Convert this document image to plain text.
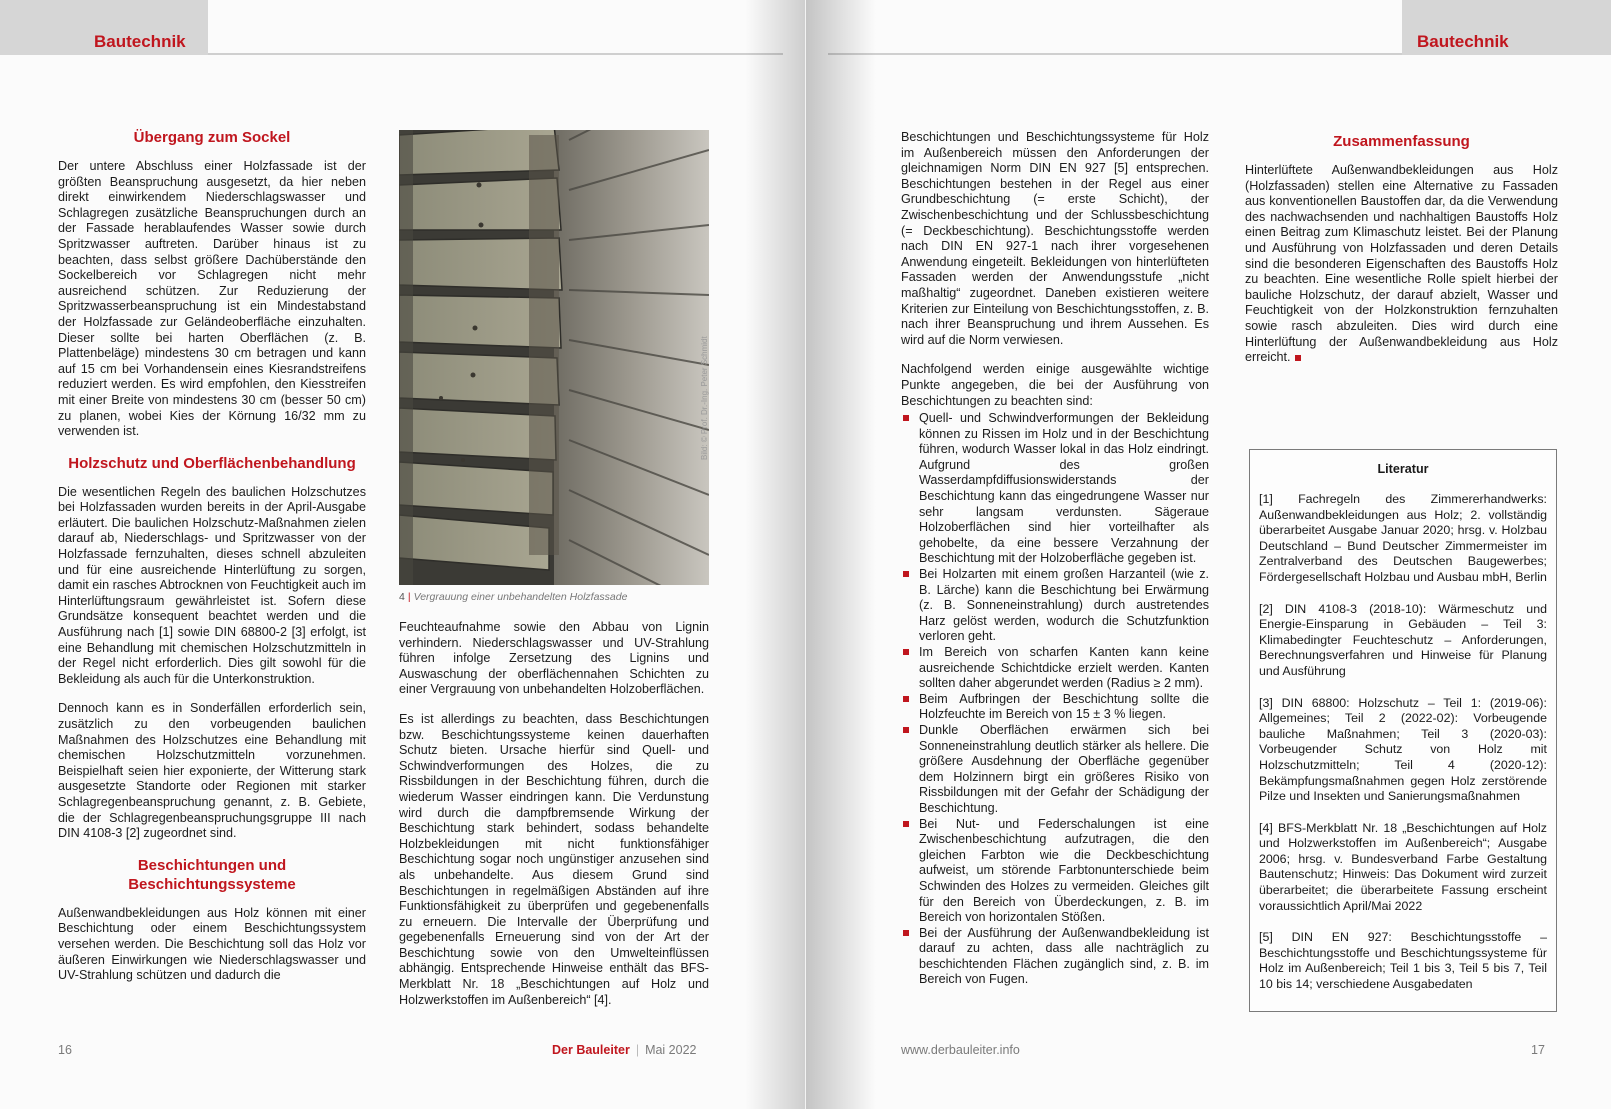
Bautechnik
Übergang zum Sockel

Der untere Abschluss einer Holzfassade ist der größten Beanspruchung ausgesetzt, da hier neben direkt einwirkendem Niederschlagswasser und Schlagregen zusätzliche Beanspruchungen durch an der Fassade herablaufendes Wasser sowie durch Spritzwasser auftreten. Darüber hinaus ist zu beachten, dass selbst größere Dachüberstände den Sockelbereich vor Schlagregen nicht mehr ausreichend schützen. Zur Reduzierung der Spritzwasserbeanspruchung ist ein Mindestabstand der Holzfassade zur Geländeoberfläche einzuhalten. Dieser sollte bei harten Oberflächen (z. B. Plattenbeläge) mindestens 30 cm betragen und kann auf 15 cm bei Vorhandensein eines Kiesrandstreifens reduziert werden. Es wird empfohlen, den Kiesstreifen mit einer Breite von mindestens 30 cm (besser 50 cm) zu planen, wobei Kies der Körnung 16/32 mm zu verwenden ist.

Holzschutz und Oberflächenbehandlung

Die wesentlichen Regeln des baulichen Holzschutzes bei Holzfassaden wurden bereits in der April-Ausgabe erläutert. Die baulichen Holzschutz-Maßnahmen zielen darauf ab, Niederschlags- und Spritzwasser von der Holzfassade fernzuhalten, dieses schnell abzuleiten und für eine ausreichende Hinterlüftung zu sorgen, damit ein rasches Abtrocknen von Feuchtigkeit auch im Hinterlüftungsraum gewährleistet ist. Sofern diese Grundsätze konsequent beachtet werden und die Ausführung nach [1] sowie DIN 68800-2 [3] erfolgt, ist eine Behandlung mit chemischen Holzschutzmitteln in der Regel nicht erforderlich. Dies gilt sowohl für die Bekleidung als auch für die Unterkonstruktion.

Dennoch kann es in Sonderfällen erforderlich sein, zusätzlich zu den vorbeugenden baulichen Maßnahmen des Holzschutzes eine Behandlung mit chemischen Holzschutzmitteln vorzunehmen. Beispielhaft seien hier exponierte, der Witterung stark ausgesetzte Standorte oder Regionen mit starker Schlagregenbeanspruchung genannt, z. B. Gebiete, die der Schlagregenbeanspruchungsgruppe III nach DIN 4108-3 [2] zugeordnet sind.

Beschichtungen und
Beschichtungssysteme

Außenwandbekleidungen aus Holz können mit einer Beschichtung oder einem Beschichtungssystem versehen werden. Die Beschichtung soll das Holz vor äußeren Einwirkungen wie Niederschlagswasser und UV-Strahlung schützen und dadurch die

Bild: © Prof. Dr.-Ing. Peter Schmidt
4 | Vergrauung einer unbehandelten Holzfassade

Feuchteaufnahme sowie den Abbau von Lignin verhindern. Niederschlagswasser und UV-Strahlung führen infolge Zersetzung des Lignins und Auswaschung der oberflächennahen Schichten zu einer Vergrauung von unbehandelten Holzoberflächen.

Es ist allerdings zu beachten, dass Beschichtungen bzw. Beschichtungssysteme keinen dauerhaften Schutz bieten. Ursache hierfür sind Quell- und Schwindverformungen des Holzes, die zu Rissbildungen in der Beschichtung führen, durch die wiederum Wasser eindringen kann. Die Verdunstung wird durch die dampfbremsende Wirkung der Beschichtung stark behindert, sodass behandelte Holzbekleidungen mit nicht funktionsfähiger Beschichtung sogar noch ungünstiger anzusehen sind als unbehandelte. Aus diesem Grund sind Beschichtungen in regelmäßigen Abständen auf ihre Funktionsfähigkeit zu überprüfen und gegebenenfalls zu erneuern. Die Intervalle der Überprüfung und gegebenenfalls Erneuerung sind von der Art der Beschichtung sowie von den Umwelteinflüssen abhängig. Entsprechende Hinweise enthält das BFS-Merkblatt Nr. 18 „Beschichtungen auf Holz und Holzwerkstoffen im Außenbereich“ [4].

16	Der Bauleiter | Mai 2022
Bautechnik

Beschichtungen und Beschichtungssysteme für Holz im Außenbereich müssen den Anforderungen der gleichnamigen Norm DIN EN 927 [5] entsprechen. Beschichtungen bestehen in der Regel aus einer Grundbeschichtung (= erste Schicht), der Zwischenbeschichtung und der Schlussbeschichtung (= Deckbeschichtung). Beschichtungsstoffe werden nach DIN EN 927-1 nach ihrer vorgesehenen Anwendung eingeteilt. Bekleidungen von hinterlüfteten Fassaden werden der Anwendungsstufe „nicht maßhaltig“ zugeordnet. Daneben existieren weitere Kriterien zur Einteilung von Beschichtungsstoffen, z. B. nach ihrer Beanspruchung und ihrem Aussehen. Es wird auf die Norm verwiesen.

Nachfolgend werden einige ausgewählte wichtige Punkte angegeben, die bei der Ausführung von Beschichtungen zu beachten sind:

Quell- und Schwindverformungen der Bekleidung können zu Rissen im Holz und in der Beschichtung führen, wodurch Wasser lokal in das Holz eindringt. Aufgrund des großen Wasserdampfdiffusionswiderstands der Beschichtung kann das eingedrungene Wasser nur sehr langsam verdunsten. Sägeraue Holzoberflächen sind hier vorteilhafter als gehobelte, da eine bessere Verzahnung der Beschichtung mit der Holzoberfläche gegeben ist.
Bei Holzarten mit einem großen Harzanteil (wie z. B. Lärche) kann die Beschichtung bei Erwärmung (z. B. Sonneneinstrahlung) durch austretendes Harz gelöst werden, wodurch die Schutzfunktion verloren geht.
Im Bereich von scharfen Kanten kann keine ausreichende Schichtdicke erzielt werden. Kanten sollten daher abgerundet werden (Radius ≥ 2 mm).
Beim Aufbringen der Beschichtung sollte die Holzfeuchte im Bereich von 15 ± 3 % liegen.
Dunkle Oberflächen erwärmen sich bei Sonneneinstrahlung deutlich stärker als hellere. Die größere Ausdehnung der Oberfläche gegenüber dem Holzinnern birgt ein größeres Risiko von Rissbildungen mit der Gefahr der Schädigung der Beschichtung.
Bei Nut- und Federschalungen ist eine Zwischenbeschichtung aufzutragen, die den gleichen Farbton wie die Deckbeschichtung aufweist, um störende Farbtonunterschiede beim Schwinden des Holzes zu vermeiden. Gleiches gilt für den Bereich von Überdeckungen, z. B. im Bereich von horizontalen Stößen.
Bei der Ausführung der Außenwandbekleidung ist darauf zu achten, dass alle nachträglich zu beschichtenden Flächen zugänglich sind, z. B. im Bereich von Fugen.
Zusammenfassung

Hinterlüftete Außenwandbekleidungen aus Holz (Holzfassaden) stellen eine Alternative zu Fassaden aus konventionellen Baustoffen dar, da die Verwendung des nachwachsenden und nachhaltigen Baustoffs Holz einen Beitrag zum Klimaschutz leistet. Bei der Planung und Ausführung von Holzfassaden und deren Details sind die besonderen Eigenschaften des Baustoffs Holz zu beachten. Eine wesentliche Rolle spielt hierbei der bauliche Holzschutz, der darauf abzielt, Wasser und Feuchtigkeit von der Holzkonstruktion fernzuhalten sowie rasch abzuleiten. Dies wird durch eine Hinterlüftung der Außenwandbekleidung aus Holz erreicht.

www.derbauleiter.info	17
Literatur
[1] Fachregeln des Zimmererhandwerks: Außenwandbekleidungen aus Holz; 2. vollständig überarbeitet Ausgabe Januar 2020; hrsg. v. Holzbau Deutschland – Bund Deutscher Zimmermeister im Zentralverband des Deutschen Baugewerbes; Fördergesellschaft Holzbau und Ausbau mbH, Berlin
[2] DIN 4108-3 (2018-10): Wärmeschutz und Energie-Einsparung in Gebäuden – Teil 3: Klimabedingter Feuchteschutz – Anforderungen, Berechnungsverfahren und Hinweise für Planung und Ausführung
[3] DIN 68800: Holzschutz – Teil 1: (2019-06): Allgemeines; Teil 2 (2022-02): Vorbeugende bauliche Maßnahmen; Teil 3 (2020-03): Vorbeugender Schutz von Holz mit Holzschutzmitteln; Teil 4 (2020-12): Bekämpfungsmaßnahmen gegen Holz zerstörende Pilze und Insekten und Sanierungsmaßnahmen
[4] BFS-Merkblatt Nr. 18 „Beschichtungen auf Holz und Holzwerkstoffen im Außenbereich“; Ausgabe 2006; hrsg. v. Bundesverband Farbe Gestaltung Bautenschutz; Hinweis: Das Dokument wird zurzeit überarbeitet; die überarbeitete Fassung erscheint voraussichtlich April/Mai 2022
[5] DIN EN 927: Beschichtungsstoffe – Beschichtungsstoffe und Beschichtungssysteme für Holz im Außenbereich; Teil 1 bis 3, Teil 5 bis 7, Teil 10 bis 14; verschiedene Ausgabedaten
